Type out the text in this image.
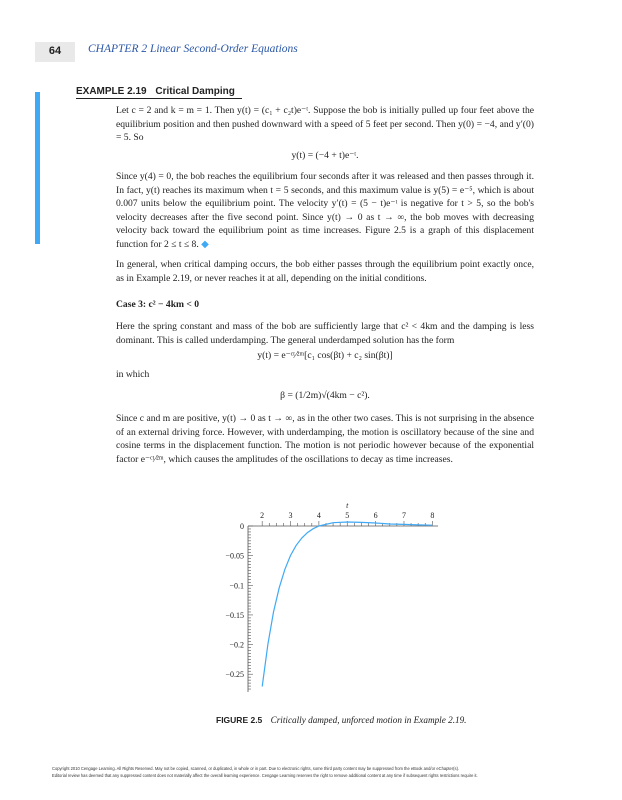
64	CHAPTER 2 Linear Second-Order Equations
EXAMPLE 2.19 Critical Damping
Let c = 2 and k = m = 1. Then y(t) = (c₁ + c₂t)e⁻ᵗ. Suppose the bob is initially pulled up four feet above the equilibrium position and then pushed downward with a speed of 5 feet per second. Then y(0) = −4, and y′(0) = 5. So
y(t) = (−4 + t)e⁻ᵗ.
Since y(4) = 0, the bob reaches the equilibrium four seconds after it was released and then passes through it. In fact, y(t) reaches its maximum when t = 5 seconds, and this maximum value is y(5) = e⁻⁵, which is about 0.007 units below the equilibrium point. The velocity y′(t) = (5 − t)e⁻ᵗ is negative for t > 5, so the bob's velocity decreases after the five second point. Since y(t) → 0 as t → ∞, the bob moves with decreasing velocity back toward the equilibrium point as time increases. Figure 2.5 is a graph of this displacement function for 2 ≤ t ≤ 8. ◆
In general, when critical damping occurs, the bob either passes through the equilibrium point exactly once, as in Example 2.19, or never reaches it at all, depending on the initial conditions.
Case 3: c² − 4km < 0
Here the spring constant and mass of the bob are sufficiently large that c² < 4km and the damping is less dominant. This is called underdamping. The general underdamped solution has the form
y(t) = e⁻ᶜᵗ⁄²ᵐ[c₁ cos(βt) + c₂ sin(βt)]
in which
β = (1/2m)√(4km − c²).
Since c and m are positive, y(t) → 0 as t → ∞, as in the other two cases. This is not surprising in the absence of an external driving force. However, with underdamping, the motion is oscillatory because of the sine and cosine terms in the displacement function. The motion is not periodic however because of the exponential factor e⁻ᶜᵗ⁄²ᵐ, which causes the amplitudes of the oscillations to decay as time increases.
2	3	4	5	6	7	8
0
−0.05
−0.1
−0.15
−0.2
−0.25
t
FIGURE 2.5 Critically damped, unforced motion in Example 2.19.
Copyright 2010 Cengage Learning. All Rights Reserved. May not be copied, scanned, or duplicated, in whole or in part. Due to electronic rights, some third party content may be suppressed from the eBook and/or eChapter(s).
Editorial review has deemed that any suppressed content does not materially affect the overall learning experience. Cengage Learning reserves the right to remove additional content at any time if subsequent rights restrictions require it.
